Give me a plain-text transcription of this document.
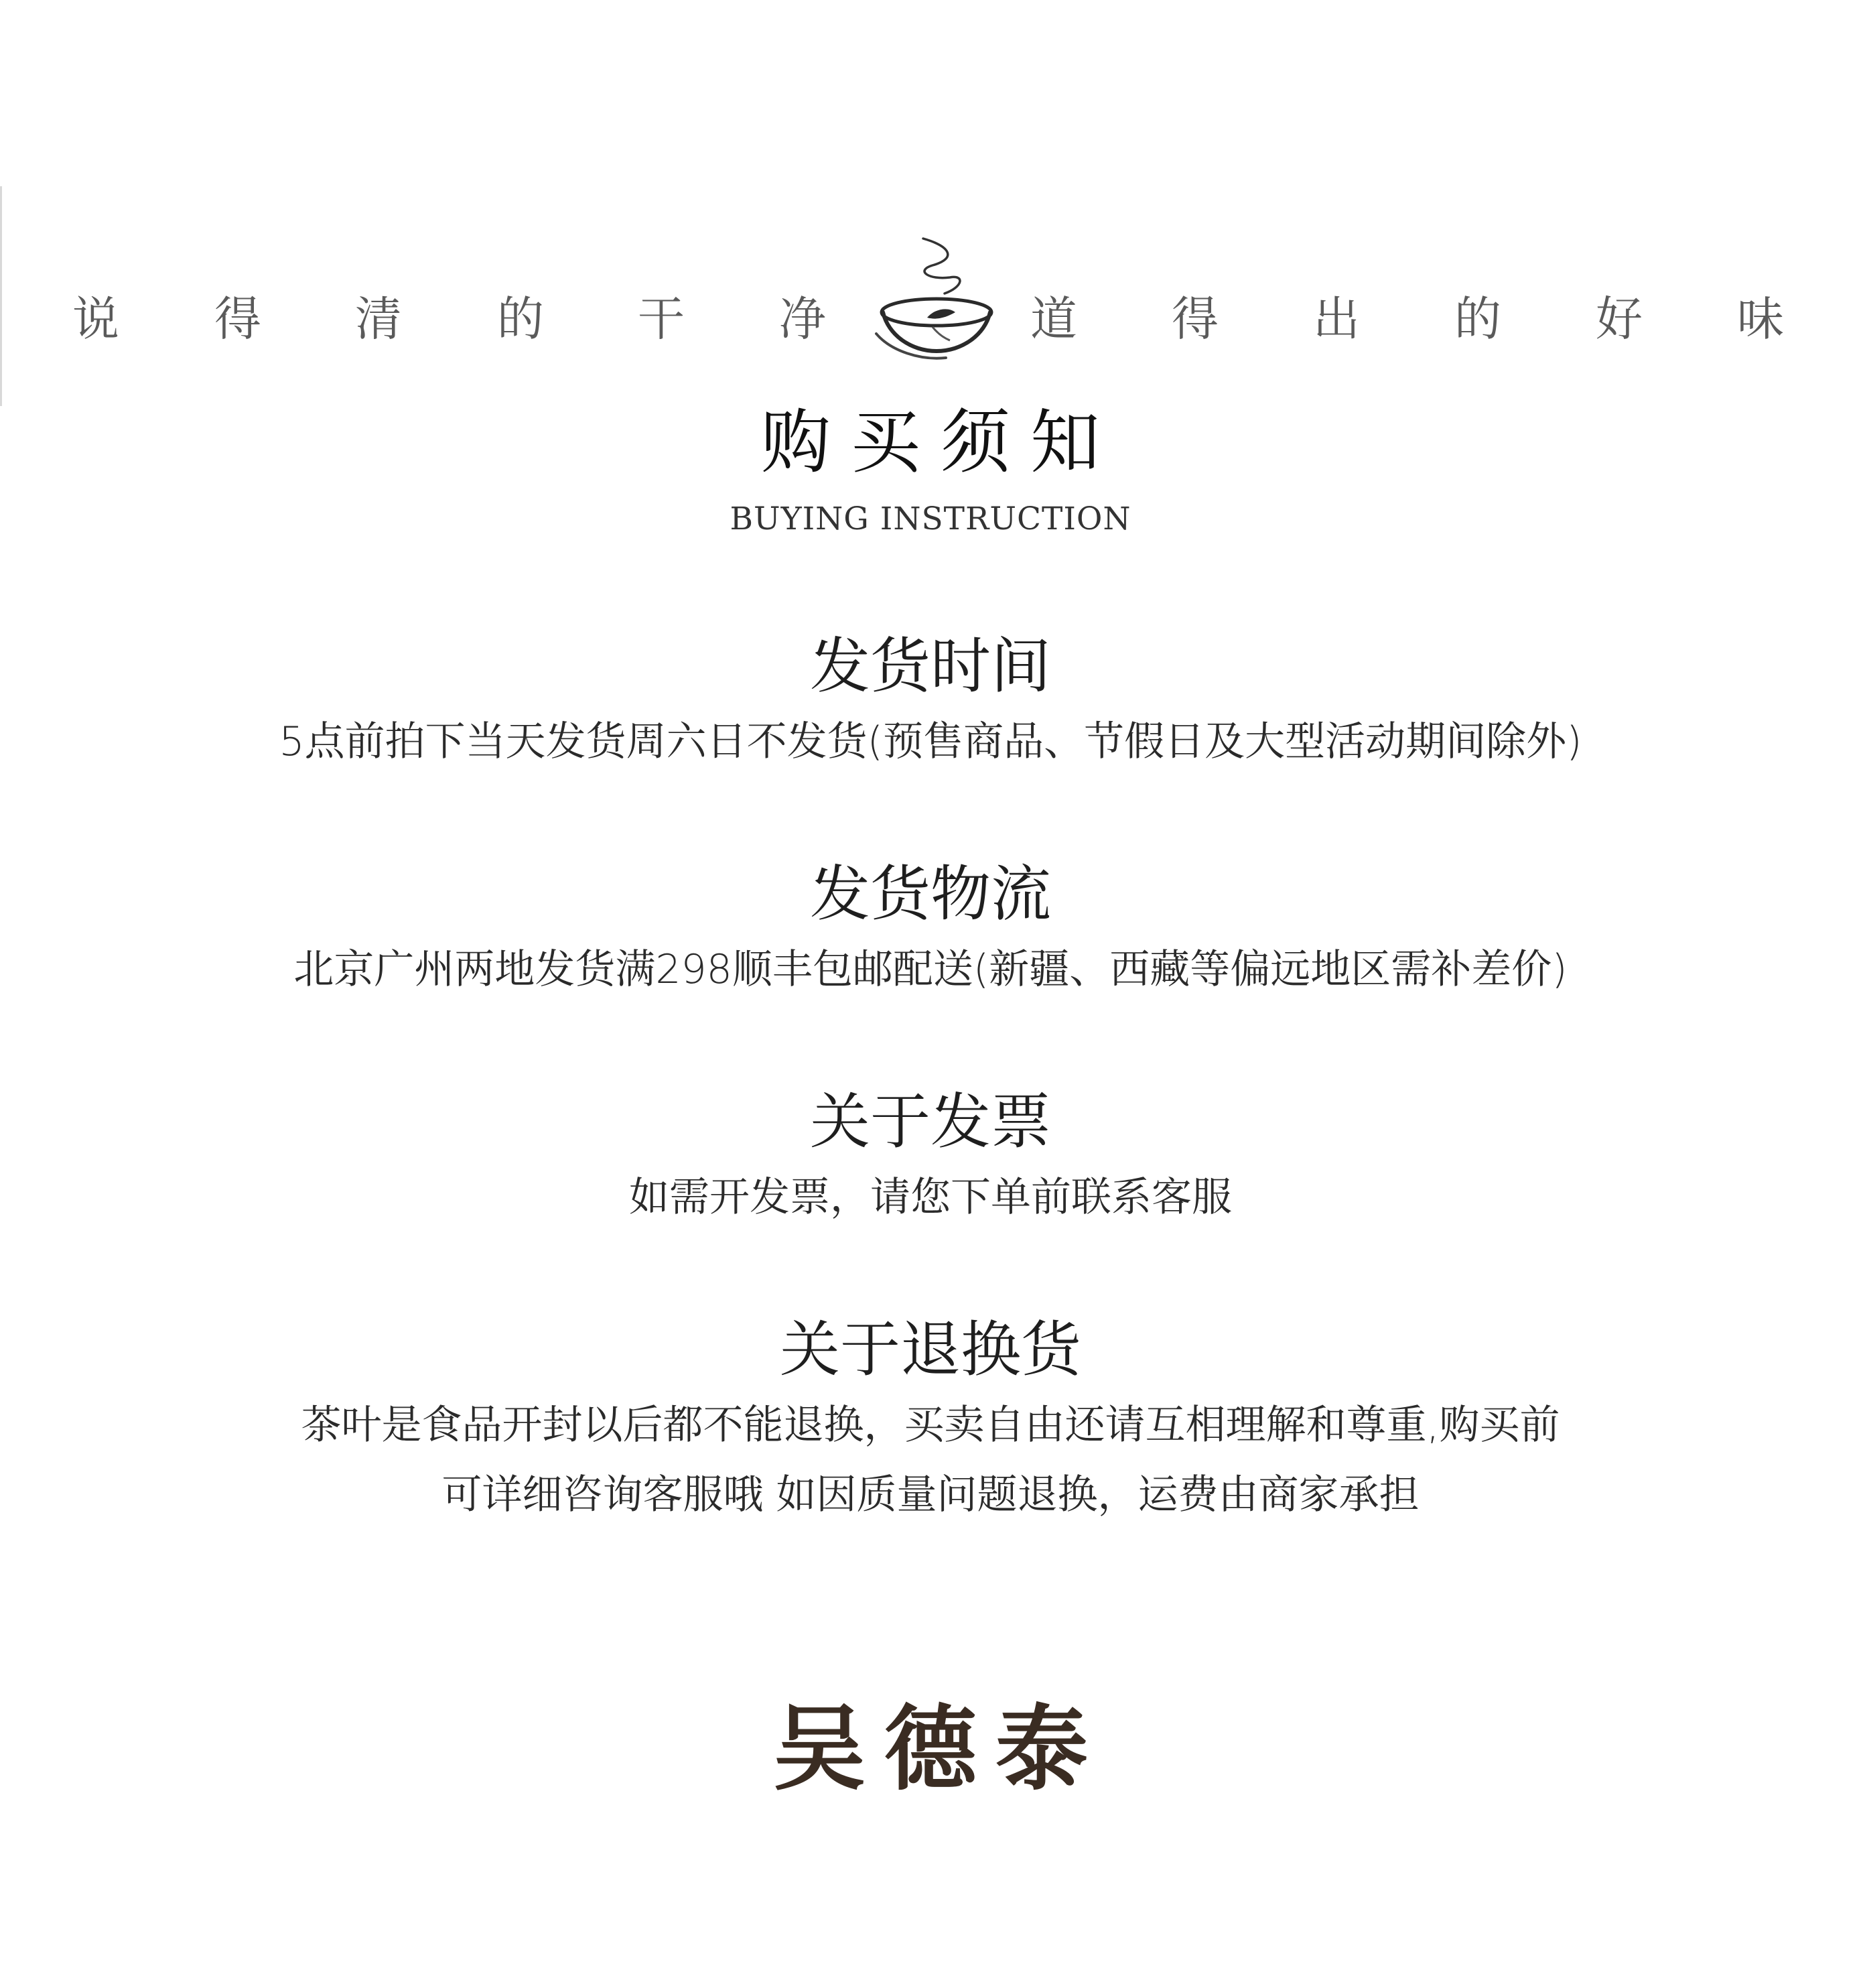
说	得	清	的	干	净	道	得	出	的	好	味
购买须知
BUYING INSTRUCTION
发货时间

5点前拍下当天发货周六日不发货(预售商品、节假日及大型活动期间除外)

发货物流

北京广州两地发货满298顺丰包邮配送(新疆、西藏等偏远地区需补差价)

关于发票

如需开发票，请您下单前联系客服

关于退换货

茶叶是食品开封以后都不能退换，买卖自由还请互相理解和尊重,购买前
可详细咨询客服哦 如因质量问题退换，运费由商家承担

吴德泰
